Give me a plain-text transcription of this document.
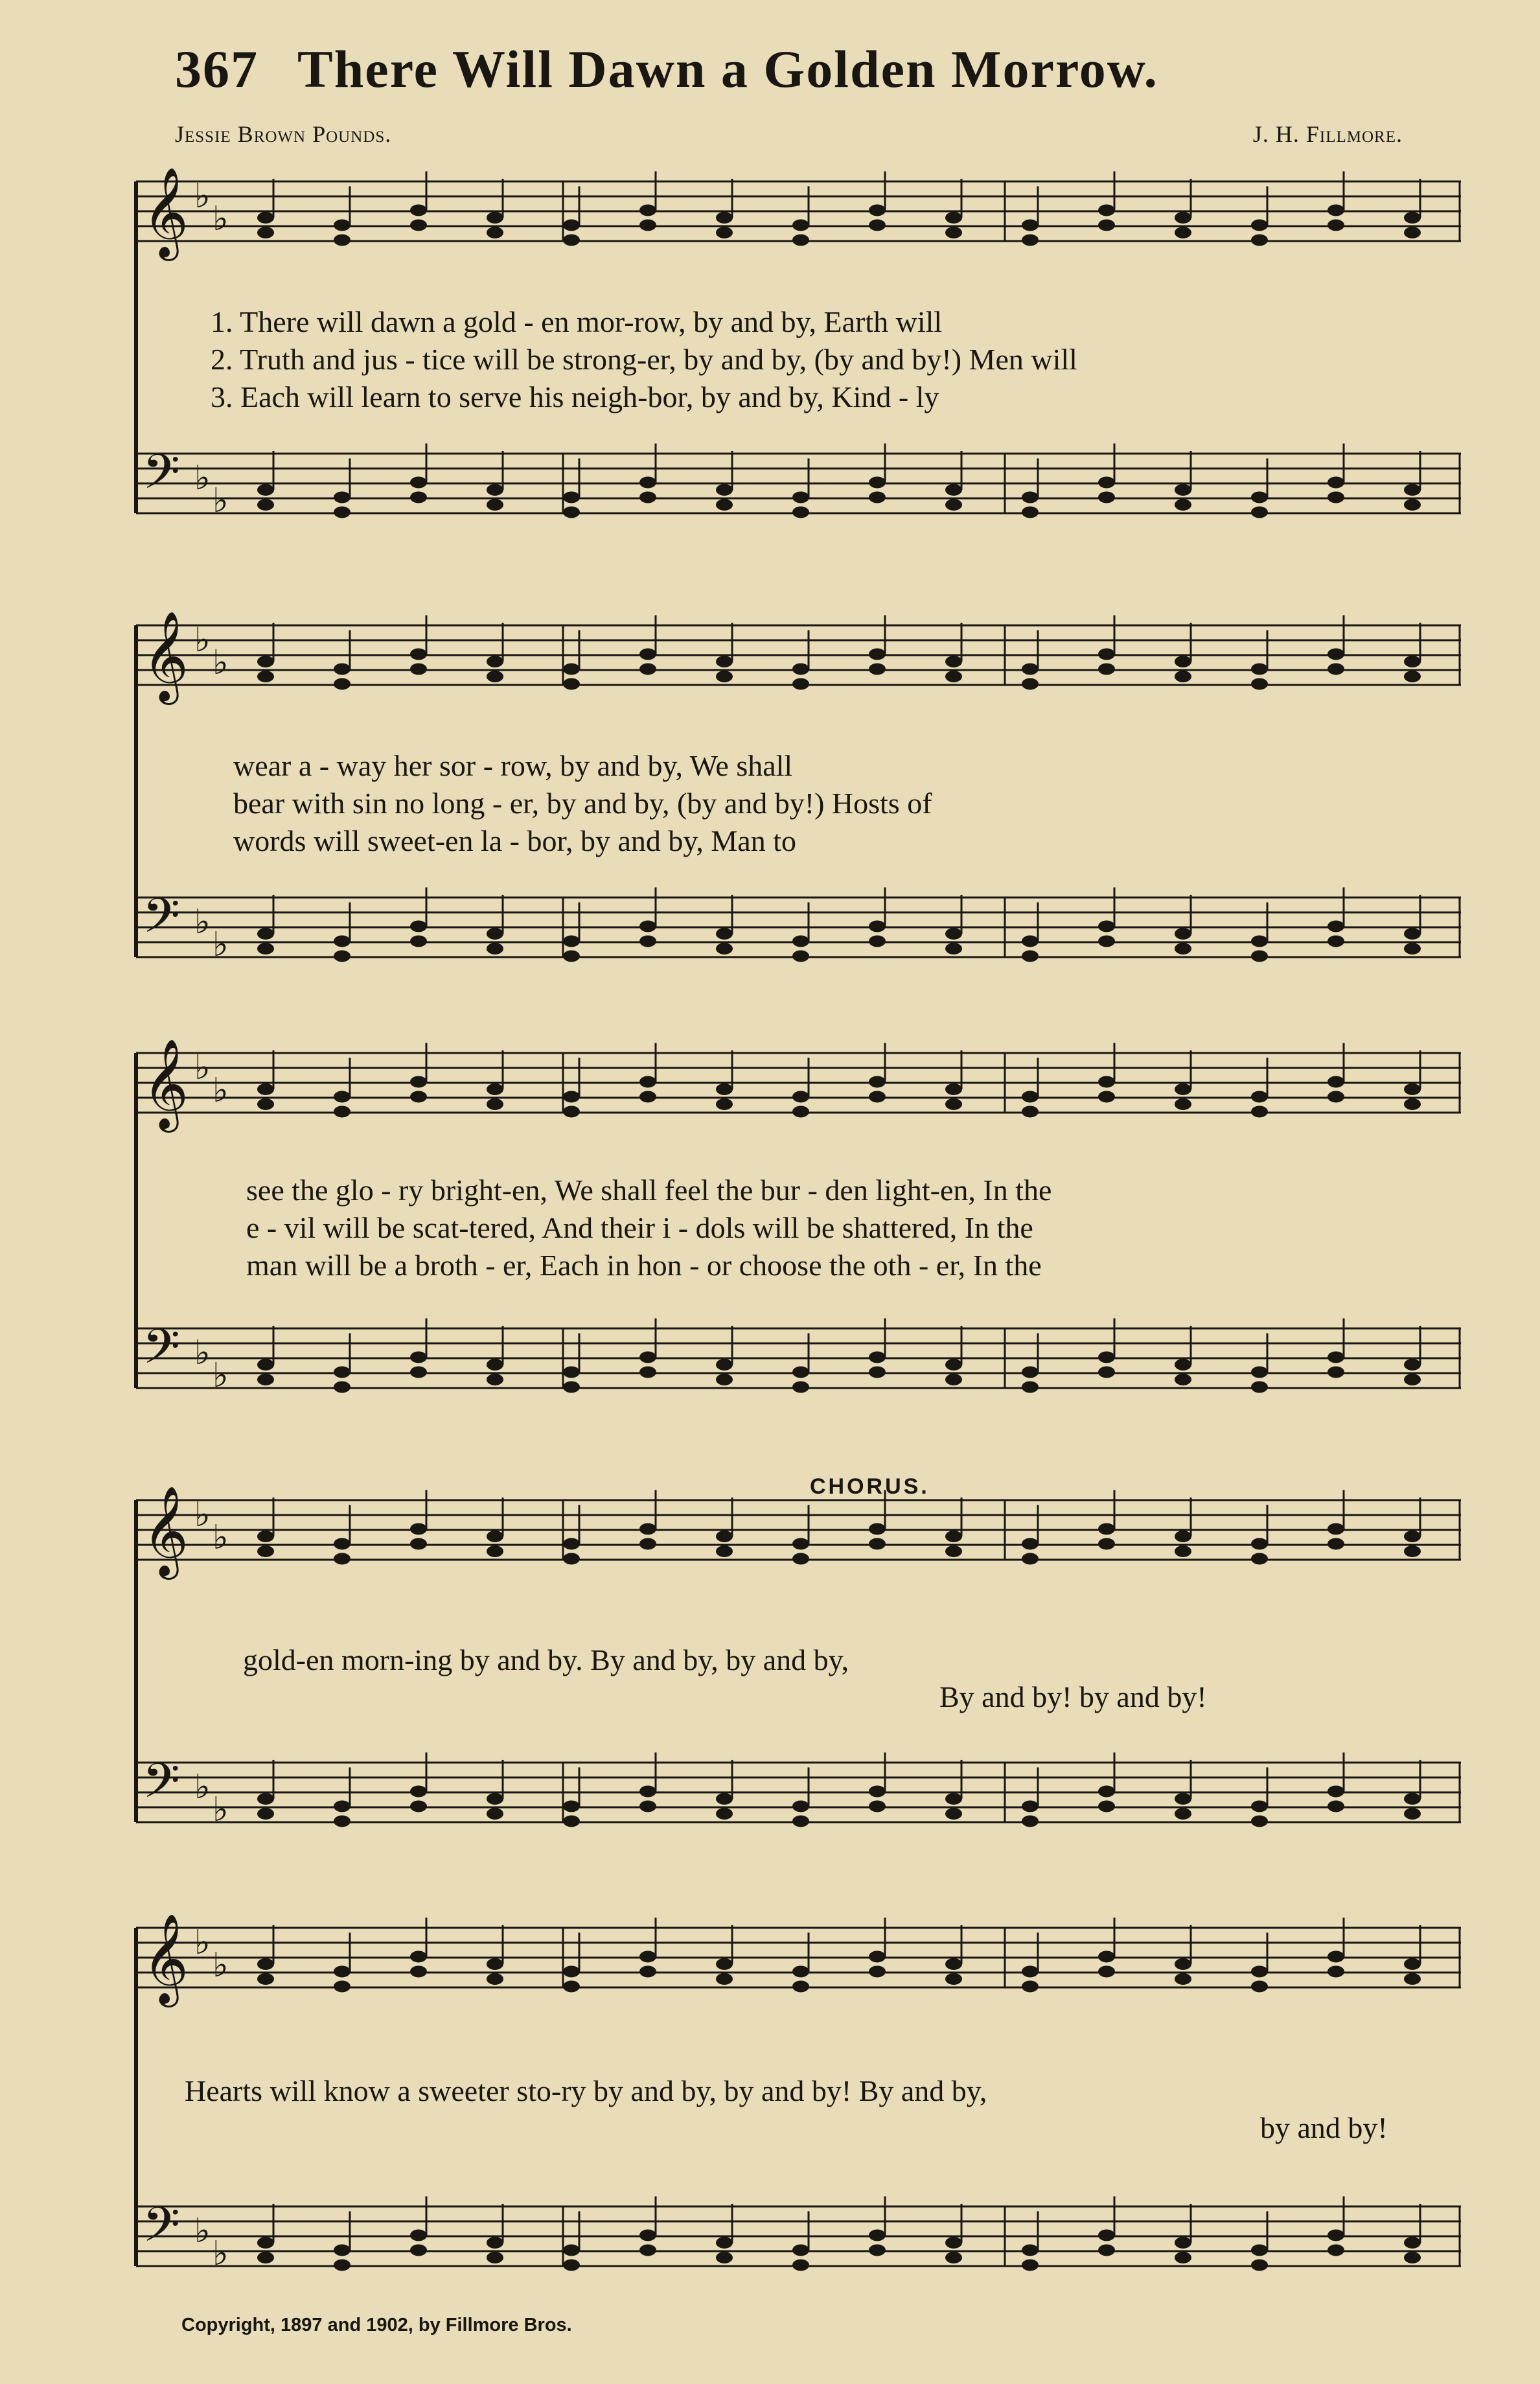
367 There Will Dawn a Golden Morrow.
Jessie Brown Pounds.	J. H. Fillmore.
𝄞 ♭
♭
𝄢 ♭
♭
1. There will dawn a gold - en mor-row, by and by, Earth will
2. Truth and jus - tice will be strong-er, by and by, (by and by!) Men will
3. Each will learn to serve his neigh-bor, by and by, Kind - ly
𝄞 ♭
♭
𝄢 ♭
♭
wear a - way her sor - row, by and by, We shall
bear with sin no long - er, by and by, (by and by!) Hosts of
words will sweet-en la - bor, by and by, Man to
𝄞 ♭
♭
𝄢 ♭
♭
see the glo - ry bright-en, We shall feel the bur - den light-en, In the
e - vil will be scat-tered, And their i - dols will be shattered, In the
man will be a broth - er, Each in hon - or choose the oth - er, In the
𝄞 ♭
♭
𝄢 ♭
♭
CHORUS.
gold-en morn-ing by and by. By and by, by and by,
By and by! by and by!
𝄞 ♭
♭
𝄢 ♭
♭
Hearts will know a sweeter sto-ry by and by, by and by! By and by,
by and by!
Copyright, 1897 and 1902, by Fillmore Bros.
